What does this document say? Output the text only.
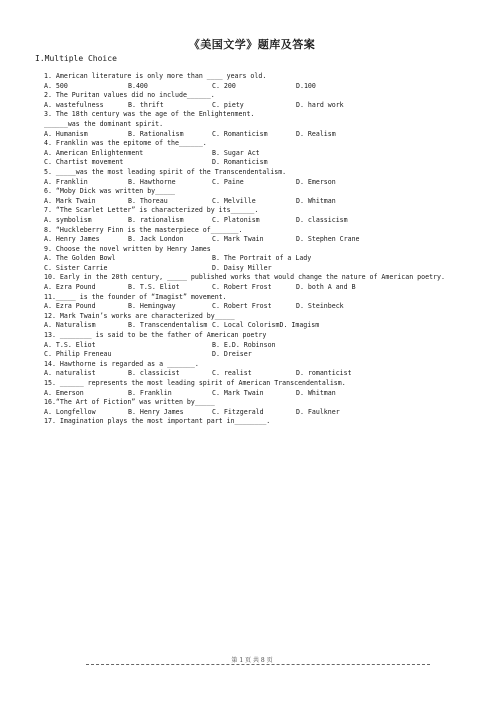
《美国文学》题库及答案
I.Multiple Choice
1. American literature is only more than ____ years old.
A. 500	B.400	C. 200	D.100
2. The Puritan values did no include______.
A. wastefulness	B. thrift	C. piety	D. hard work
3. The 18th century was the age of the Enlightenment.
______was the dominant spirit.
A. Humanism	B. Rationalism	C. Romanticism	D. Realism
4. Franklin was the epitome of the______.
A. American Enlightenment	B. Sugar Act
C. Chartist movement	D. Romanticism
5. _____was the most leading spirit of the Transcendentalism.
A. Franklin	B. Hawthorne	C. Paine	D. Emerson
6. “Moby Dick was written by_____
A. Mark Twain	B. Thoreau	C. Melville	D. Whitman
7. “The Scarlet Letter” is characterized by its______.
A. symbolism	B. rationalism	C. Platonism	D. classicism
8. “Huckleberry Finn is the masterpiece of_______.
A. Henry James	B. Jack London	C. Mark Twain	D. Stephen Crane
9. Choose the novel written by Henry James
A. The Golden Bowl	B. The Portrait of a Lady
C. Sister Carrie	D. Daisy Miller
10. Early in the 20th century, _____ published works that would change the nature of American poetry.
A. Ezra Pound	B. T.S. Eliot	C. Robert Frost	D. both A and B
11._____ is the founder of “Imagist” movement.
A. Ezra Pound	B. Hemingway	C. Robert Frost	D. Steinbeck
12. Mark Twain’s works are characterized by_____
A. Naturalism	B. Transcendentalism C. Local ColorismD. Imagism
13. ________ is said to be the father of American poetry
A. T.S. Eliot	B. E.D. Robinson
C. Philip Freneau	D. Dreiser
14. Hawthorne is regarded as a _______.
A. naturalist	B. classicist	C. realist	D. romanticist
15. ______ represents the most leading spirit of American Transcendentalism.
A. Emerson	B. Franklin	C. Mark Twain	D. Whitman
16.“The Art of Fiction” was written by_____
A. Longfellow	B. Henry James	C. Fitzgerald	D. Faulkner
17. Imagination plays the most important part in________.
第 1 页 共 8 页
